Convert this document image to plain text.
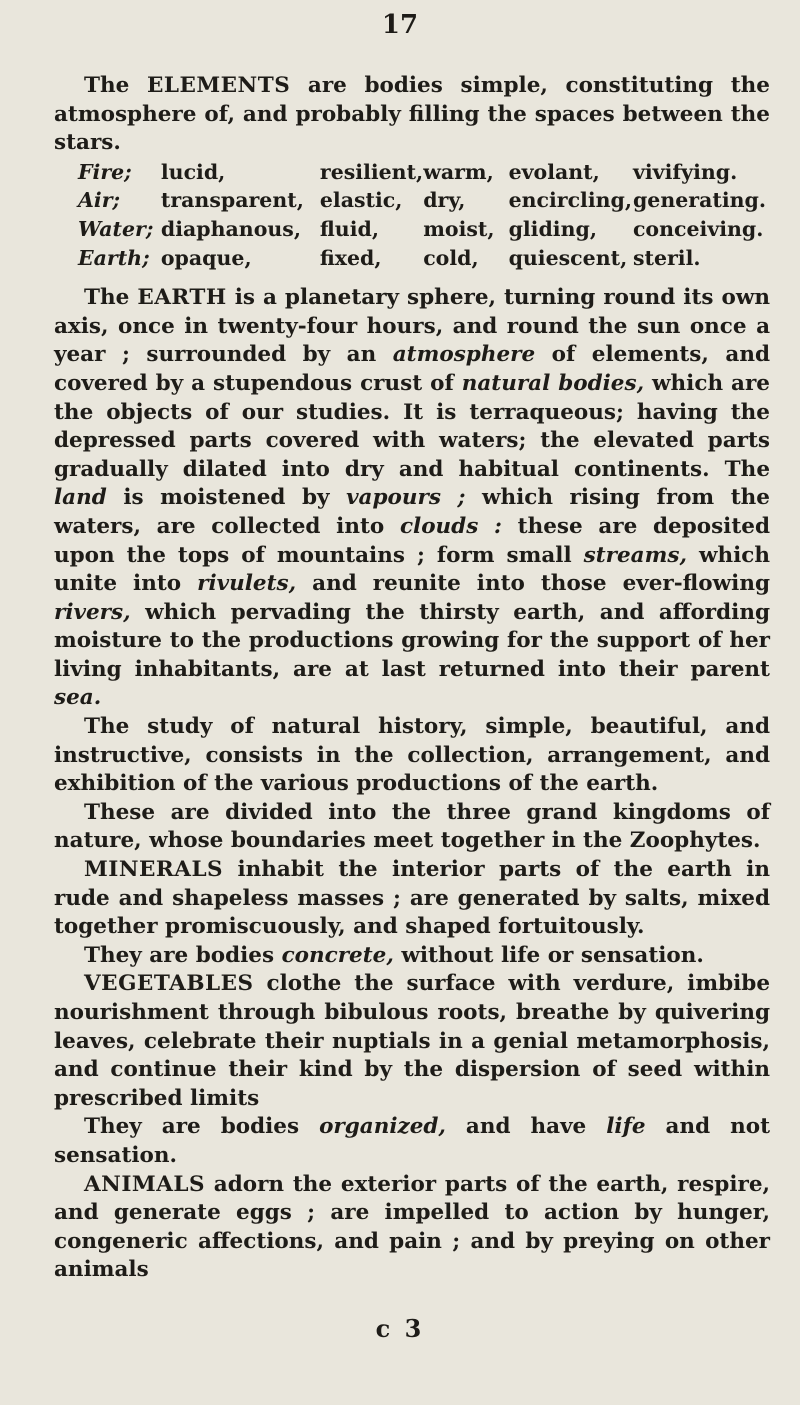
17

The ELEMENTS are bodies simple, constituting the atmosphere of, and probably filling the spaces between the stars.

Fire;	lucid,	resilient,	warm,	evolant,	vivifying.
Air;	transparent,	elastic,	dry,	encircling,	generating.
Water;	diaphanous,	fluid,	moist,	gliding,	conceiving.
Earth;	opaque,	fixed,	cold,	quiescent,	steril.

The EARTH is a planetary sphere, turning round its own axis, once in twenty-four hours, and round the sun once a year ; surrounded by an atmosphere of elements, and covered by a stupendous crust of natural bodies, which are the objects of our studies. It is terraqueous; having the depressed parts covered with waters; the elevated parts gradually dilated into dry and habitual continents. The land is moistened by vapours ; which rising from the waters, are collected into clouds : these are deposited upon the tops of mountains ; form small streams, which unite into rivulets, and reunite into those ever-flowing rivers, which pervading the thirsty earth, and affording moisture to the productions growing for the support of her living inhabitants, are at last returned into their parent sea.

The study of natural history, simple, beautiful, and instructive, consists in the collection, arrangement, and exhibition of the various productions of the earth.

These are divided into the three grand kingdoms of nature, whose boundaries meet together in the Zoophytes.

MINERALS inhabit the interior parts of the earth in rude and shapeless masses ; are generated by salts, mixed together promiscuously, and shaped fortuitously.

They are bodies concrete, without life or sensation.

VEGETABLES clothe the surface with verdure, imbibe nourishment through bibulous roots, breathe by quivering leaves, celebrate their nuptials in a genial metamorphosis, and continue their kind by the dispersion of seed within prescribed limits

They are bodies organized, and have life and not sensation.

ANIMALS adorn the exterior parts of the earth, respire, and generate eggs ; are impelled to action by hunger, congeneric affections, and pain ; and by preying on other animals

c 3
